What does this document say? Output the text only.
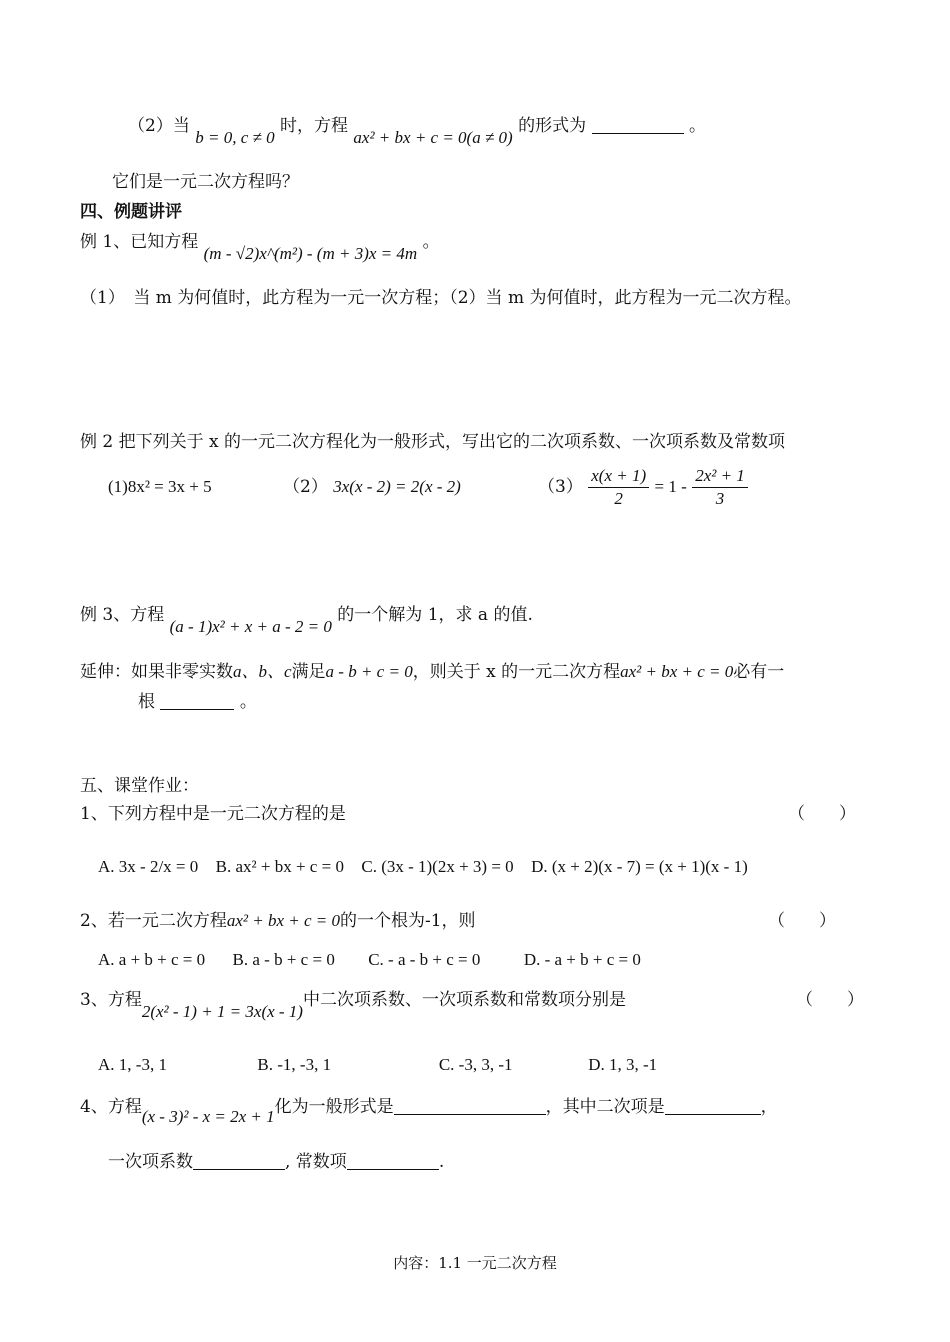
（2）当 b = 0, c ≠ 0 时，方程 ax² + bx + c = 0(a ≠ 0) 的形式为	。
它们是一元二次方程吗？
四、例题讲评
例 1、已知方程 (m - √2)x^(m²) - (m + 3)x = 4m 。
（1）　当 m 为何值时，此方程为一元一次方程；（2）当 m 为何值时，此方程为一元二次方程。
例 2 把下列关于 x 的一元二次方程化为一般形式，写出它的二次项系数、一次项系数及常数项
(1)8x² = 3x + 5	（2） 3x(x - 2) = 2(x - 2)	$(3) \frac{x(x + 1)}{2} = 1 - \frac{\text{2x² + 1}}{3}$
例 3、方程 (a - 1)x² + x + a - 2 = 0 的一个解为 1，求 a 的值.
延伸：如果非零实数a、b、c满足a - b + c = 0，则关于 x 的一元二次方程ax² + bx + c = 0必有一
根	。
五、课堂作业：
1、下列方程中是一元二次方程的是	（　　）
A. 3x - 2/x = 0 B. ax² + bx + c = 0 C. (3x - 1)(2x + 3) = 0 D. (x + 2)(x - 7) = (x + 1)(x - 1)
2、若一元二次方程ax² + bx + c = 0的一个根为-1，则	（　　）
A. a + b + c = 0 B. a - b + c = 0 C. - a - b + c = 0	D. - a + b + c = 0
3、方程2(x² - 1) + 1 = 3x(x - 1)中二次项系数、一次项系数和常数项分别是	（　　）
A. 1, -3, 1	B. -1, -3, 1	C. -3, 3, -1	D. 1, 3, -1
4、方程(x - 3)² - x = 2x + 1化为一般形式是	，其中二次项是	，
一次项系数	, 常数项	.
内容：1.1 一元二次方程
